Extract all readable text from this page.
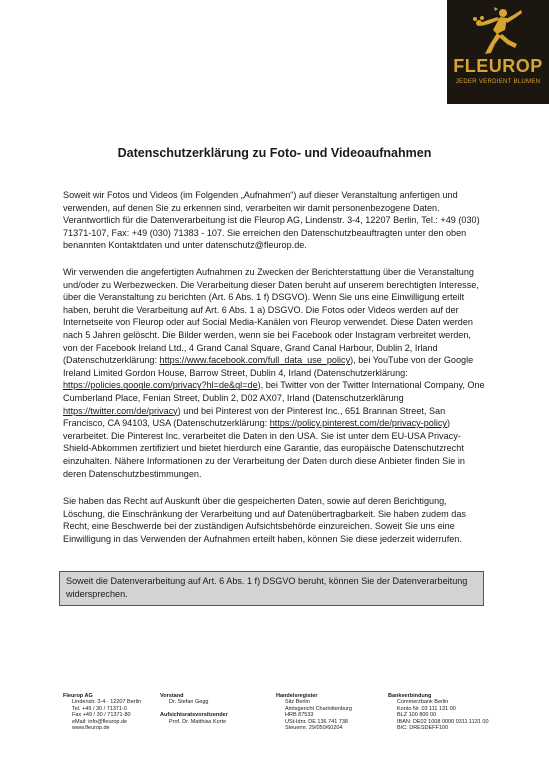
FLEUROP
JEDER VERDIENT BLUMEN
Datenschutzerklärung zu Foto- und Videoaufnahmen

Soweit wir Fotos und Videos (im Folgenden „Aufnahmen“) auf dieser Veranstaltung anfertigen und verwenden, auf denen Sie zu erkennen sind, verarbeiten wir damit personenbezogene Daten. Verantwortlich für die Datenverarbeitung ist die Fleurop AG, Lindenstr. 3-4, 12207 Berlin, Tel.: +49 (030) 71371-107, Fax: +49 (030) 71383 - 107. Sie erreichen den Datenschutzbeauftragten unter den oben benannten Kontaktdaten und unter datenschutz@fleurop.de.

Wir verwenden die angefertigten Aufnahmen zu Zwecken der Berichterstattung über die Veranstaltung und/oder zu Werbezwecken. Die Verarbeitung dieser Daten beruht auf unserem berechtigten Interesse, über die Veranstaltung zu berichten (Art. 6 Abs. 1 f) DSGVO). Wenn Sie uns eine Einwilligung erteilt haben, beruht die Verarbeitung auf Art. 6 Abs. 1 a) DSGVO. Die Fotos oder Videos werden auf der Internetseite von Fleurop oder auf Social Media-Kanälen von Fleurop verwendet. Diese Daten werden nach 5 Jahren gelöscht. Die Bilder werden, wenn sie bei Facebook oder Instagram verbreitet werden, von der Facebook Ireland Ltd., 4 Grand Canal Square, Grand Canal Harbour, Dublin 2, Irland (Datenschutzerklärung: https://www.facebook.com/full_data_use_policy), bei YouTube von der Google Ireland Limited Gordon House, Barrow Street, Dublin 4, Irland (Datenschutzerklärung: https://policies.google.com/privacy?hl=de&gl=de), bei Twitter von der Twitter International Company, One Cumberland Place, Fenian Street, Dublin 2, D02 AX07, Irland (Datenschutzerklärung https://twitter.com/de/privacy) und bei Pinterest von der Pinterest Inc., 651 Brannan Street, San Francisco, CA 94103, USA (Datenschutzerklärung: https://policy.pinterest.com/de/privacy-policy) verarbeitet. Die Pinterest Inc. verarbeitet die Daten in den USA. Sie ist unter dem EU-USA Privacy-Shield-Abkommen zertifiziert und bietet hierdurch eine Garantie, das europäische Datenschutzrecht einzuhalten. Nähere Informationen zu der Verarbeitung der Daten durch diese Anbieter finden Sie in deren Datenschutzbestimmungen.

Sie haben das Recht auf Auskunft über die gespeicherten Daten, sowie auf deren Berichtigung, Löschung, die Einschränkung der Verarbeitung und auf Datenübertragbarkeit. Sie haben zudem das Recht, eine Beschwerde bei der zuständigen Aufsichtsbehörde einzureichen. Soweit Sie uns eine Einwilligung in das Verwenden der Aufnahmen erteilt haben, können Sie diese jederzeit widerrufen.

Soweit die Datenverarbeitung auf Art. 6 Abs. 1 f) DSGVO beruht, können Sie der Datenverarbeitung widersprechen.
Fleurop AG
Lindenstr. 3-4 · 12207 Berlin
Tel. +49 / 30 / 71371-0
Fax +49 / 30 / 71371-80
eMail: info@fleurop.de
www.fleurop.de
Vorstand
Dr. Stefan Gegg
Aufsichtsratsvorsitzender
Prof. Dr. Matthias Korte
Handelsregister
Sitz Berlin
Amtsgericht Charlottenburg
HRB 87533
USt-Idnr. DE 136 741 738
Steuernr. 29/050/60204
Bankverbindung
Commerzbank Berlin
Konto Nr. 03 111 131 00
BLZ 100 800 00
IBAN: DE02 1008 0000 0311 1131 00
BIC: DRESDEFF100
